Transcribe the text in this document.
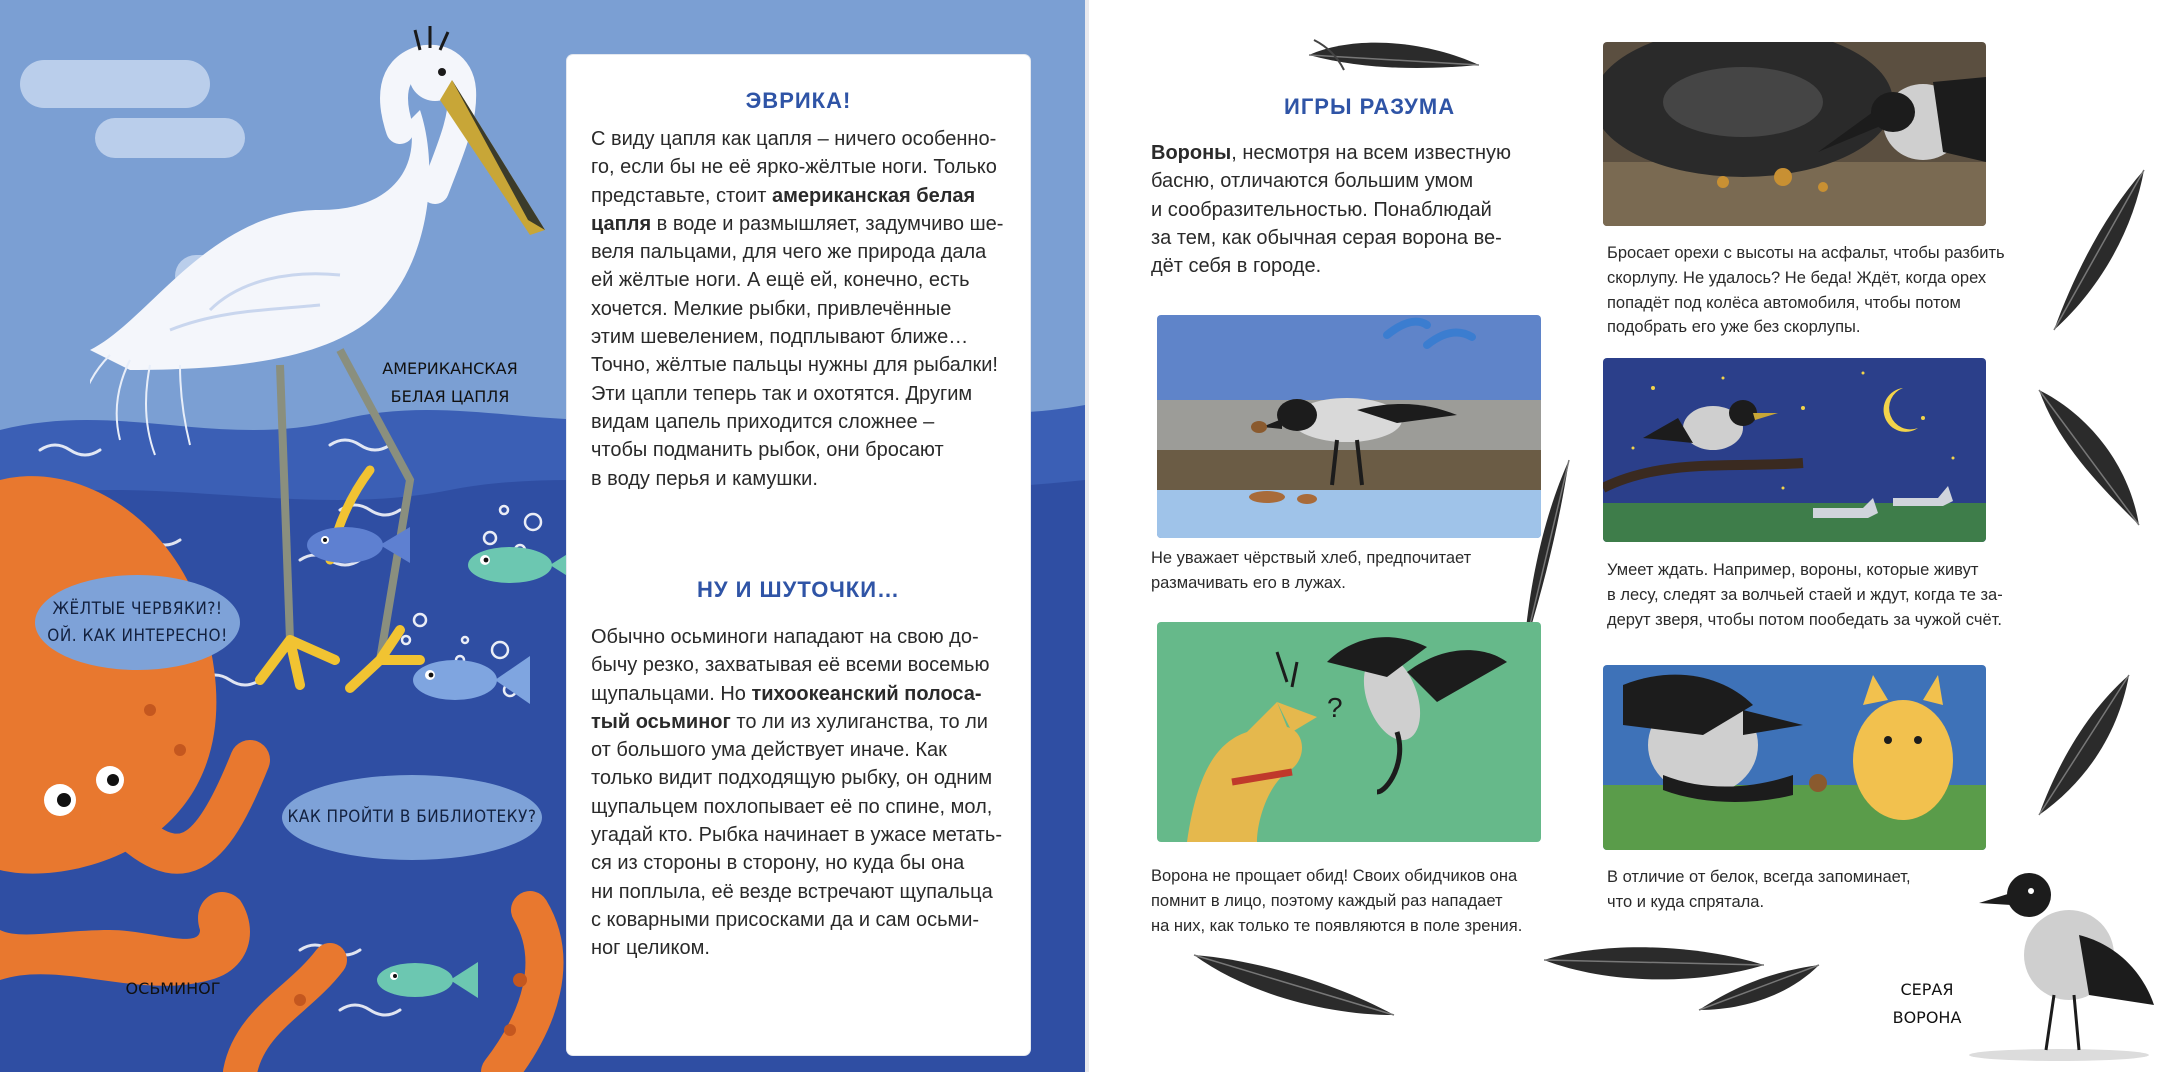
ЖЁЛТЫЕ ЧЕРВЯКИ?!
ОЙ. КАК ИНТЕРЕСНО!
КАК ПРОЙТИ В БИБЛИОТЕКУ?
АМЕРИКАНСКАЯ
БЕЛАЯ ЦАПЛЯ
ОСЬМИНОГ
ЭВРИКА!
С виду цапля как цапля – ничего особенно-
го, если бы не её ярко-жёлтые ноги. Только
представьте, стоит американская белая
цапля в воде и размышляет, задумчиво ше-
веля пальцами, для чего же природа дала
ей жёлтые ноги. А ещё ей, конечно, есть
хочется. Мелкие рыбки, привлечённые
этим шевелением, подплывают ближе…
Точно, жёлтые пальцы нужны для рыбалки!
Эти цапли теперь так и охотятся. Другим
видам цапель приходится сложнее –
чтобы подманить рыбок, они бросают
в воду перья и камушки.
НУ И ШУТОЧКИ…
Обычно осьминоги нападают на свою до-
бычу резко, захватывая её всеми восемью
щупальцами. Но тихоокеанский полоса-
тый осьминог то ли из хулиганства, то ли
от большого ума действует иначе. Как
только видит подходящую рыбку, он одним
щупальцем похлопывает её по спине, мол,
угадай кто. Рыбка начинает в ужасе метать-
ся из стороны в сторону, но куда бы она
ни поплыла, её везде встречают щупальца
с коварными присосками да и сам осьми-
ног целиком.
ИГРЫ РАЗУМА
Вороны, несмотря на всем известную
басню, отличаются большим умом
и сообразительностью. Понаблюдай
за тем, как обычная серая ворона ве-
дёт себя в городе.
?
Не уважает чёрствый хлеб, предпочитает
размачивать его в лужах.
Ворона не прощает обид! Своих обидчиков она
помнит в лицо, поэтому каждый раз нападает
на них, как только те появляются в поле зрения.
Бросает орехи с высоты на асфальт, чтобы разбить
скорлупу. Не удалось? Не беда! Ждёт, когда орех
попадёт под колёса автомобиля, чтобы потом
подобрать его уже без скорлупы.
Умеет ждать. Например, вороны, которые живут
в лесу, следят за волчьей стаей и ждут, когда те за-
дерут зверя, чтобы потом пообедать за чужой счёт.
В отличие от белок, всегда запоминает,
что и куда спрятала.
СЕРАЯ ВОРОНА
